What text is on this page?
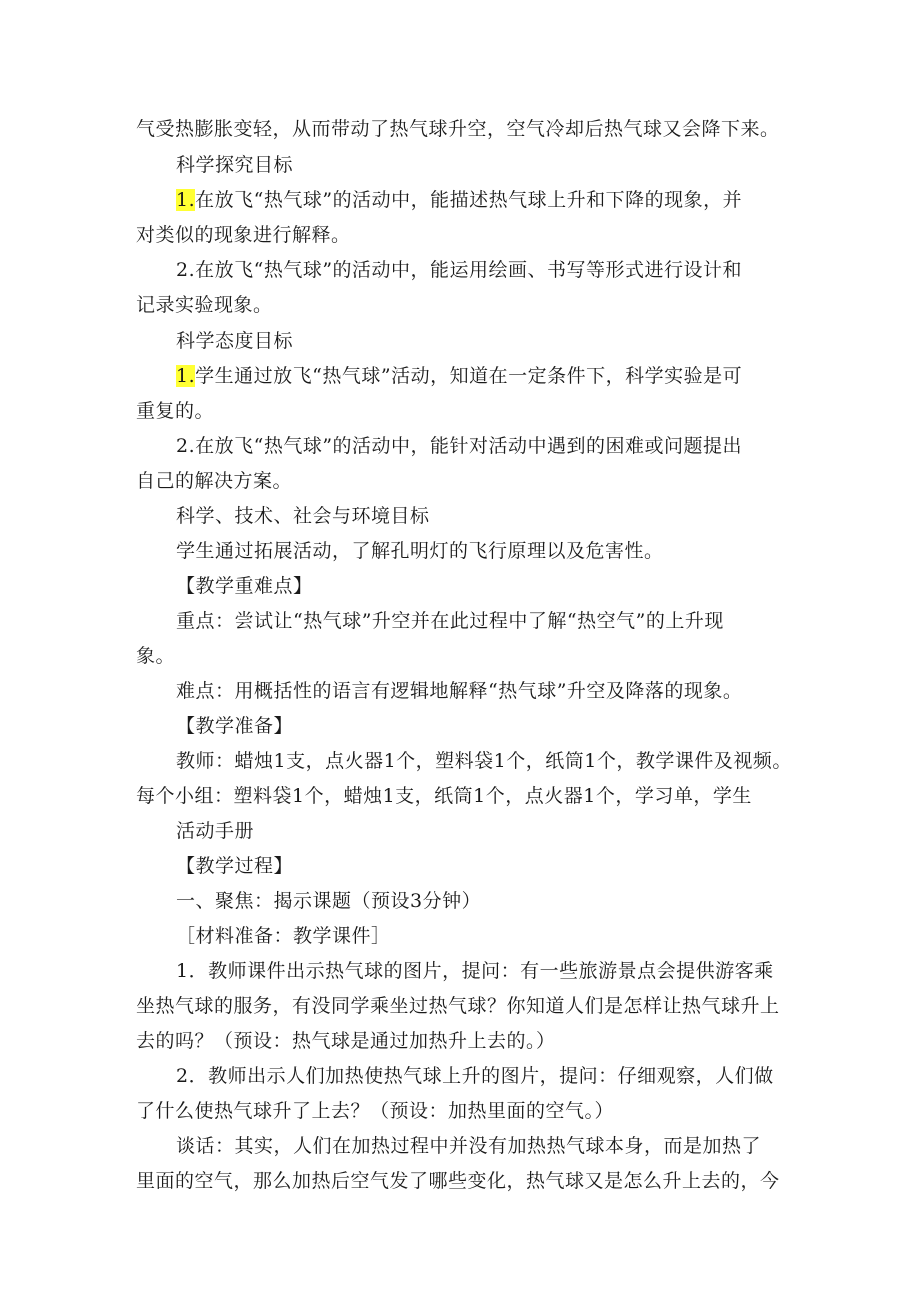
气受热膨胀变轻，从而带动了热气球升空，空气冷却后热气球又会降下来。
科学探究目标
1.在放飞“热气球”的活动中，能描述热气球上升和下降的现象，并
对类似的现象进行解释。
2.在放飞“热气球”的活动中，能运用绘画、书写等形式进行设计和
记录实验现象。
科学态度目标
1.学生通过放飞“热气球”活动，知道在一定条件下，科学实验是可
重复的。
2.在放飞“热气球”的活动中，能针对活动中遇到的困难或问题提出
自己的解决方案。
科学、技术、社会与环境目标
学生通过拓展活动，了解孔明灯的飞行原理以及危害性。
【教学重难点】
重点：尝试让“热气球”升空并在此过程中了解“热空气”的上升现
象。
难点：用概括性的语言有逻辑地解释“热气球”升空及降落的现象。
【教学准备】
教师：蜡烛1支，点火器1个，塑料袋1个，纸筒1个，教学课件及视频。
每个小组：塑料袋1个，蜡烛1支，纸筒1个，点火器1个，学习单，学生
活动手册
【教学过程】
一、聚焦：揭示课题（预设3分钟）
［材料准备：教学课件］
1．教师课件出示热气球的图片，提问：有一些旅游景点会提供游客乘
坐热气球的服务，有没同学乘坐过热气球？你知道人们是怎样让热气球升上
去的吗？（预设：热气球是通过加热升上去的。）
2．教师出示人们加热使热气球上升的图片，提问：仔细观察，人们做
了什么使热气球升了上去？（预设：加热里面的空气。）
谈话：其实，人们在加热过程中并没有加热热气球本身，而是加热了
里面的空气，那么加热后空气发了哪些变化，热气球又是怎么升上去的，今
